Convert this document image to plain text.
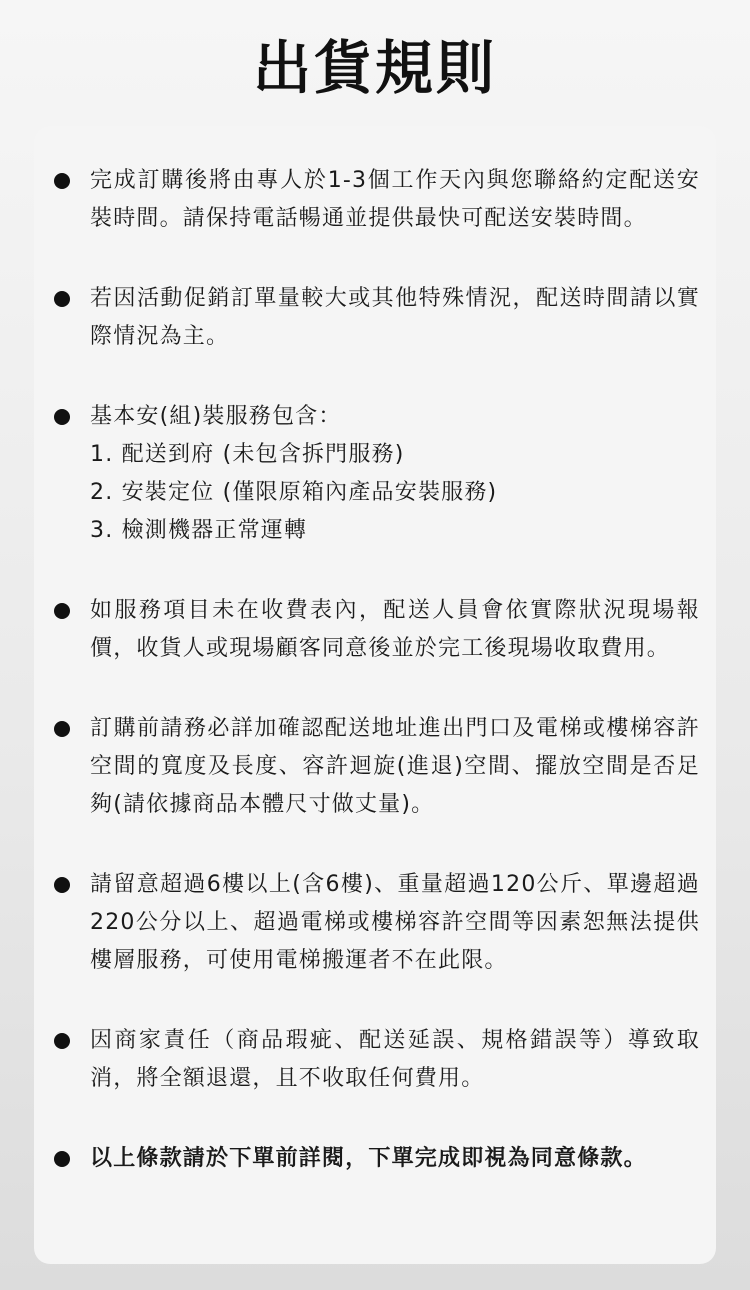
出貨規則
完成訂購後將由專人於1-3個工作天內與您聯絡約定配送安裝時間。請保持電話暢通並提供最快可配送安裝時間。
若因活動促銷訂單量較大或其他特殊情況，配送時間請以實際情況為主。
基本安(組)裝服務包含：
1. 配送到府 (未包含拆門服務)
2. 安裝定位 (僅限原箱內產品安裝服務)
3. 檢測機器正常運轉
如服務項目未在收費表內，配送人員會依實際狀況現場報價，收貨人或現場顧客同意後並於完工後現場收取費用。
訂購前請務必詳加確認配送地址進出門口及電梯或樓梯容許空間的寬度及長度、容許迴旋(進退)空間、擺放空間是否足夠(請依據商品本體尺寸做丈量)。
請留意超過6樓以上(含6樓)、重量超過120公斤、單邊超過220公分以上、超過電梯或樓梯容許空間等因素恕無法提供樓層服務，可使用電梯搬運者不在此限。
因商家責任（商品瑕疵、配送延誤、規格錯誤等）導致取消，將全額退還，且不收取任何費用。
以上條款請於下單前詳閱，下單完成即視為同意條款。
